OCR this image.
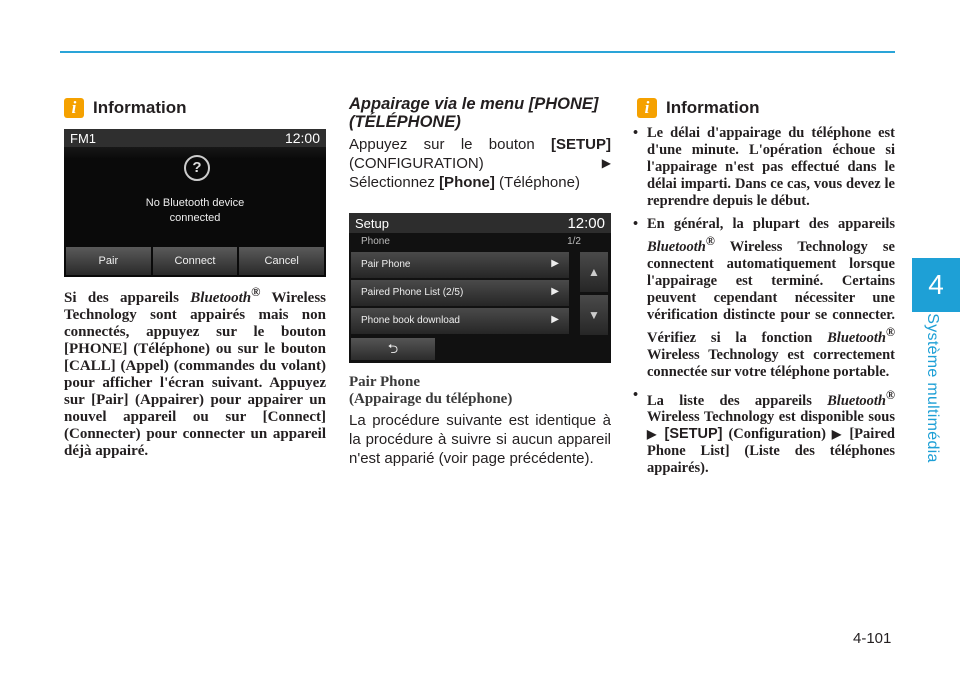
4
Système multimédia
4-101
i Information
FM1	12:00
?
No Bluetooth device
connected
Pair	Connect	Cancel
Si des appareils Bluetooth® Wireless Technology sont appairés mais non connectés, appuyez sur le bouton [PHONE] (Téléphone) ou sur le bouton [CALL] (Appel) (commandes du volant) pour afficher l'écran suivant. Appuyez sur [Pair] (Appairer) pour appairer un nouvel appareil ou sur [Connect] (Connecter) pour connecter un appareil déjà appairé.
Appairage via le menu [PHONE] (TÉLÉPHONE)
Appuyez sur le bouton [SETUP]
(CONFIGURATION)	▶
Sélectionnez [Phone] (Téléphone)
Setup	12:00
Phone	1/2
Pair Phone	▶
Paired Phone List (2/5)	▶
Phone book download	▶
▲
▼
⮌
Pair Phone
(Appairage du téléphone)
La procédure suivante est identique à la procédure à suivre si aucun appareil n'est apparié (voir page précédente).
i Information
• Le délai d'appairage du téléphone est d'une minute. L'opération échoue si l'appairage n'est pas effectué dans le délai imparti. Dans ce cas, vous devez le reprendre depuis le début.
• En général, la plupart des appareils Bluetooth® Wireless Technology se connectent automatiquement lorsque l'appairage est terminé. Certains peuvent cependant nécessiter une vérification distincte pour se connecter. Vérifiez si la fonction Bluetooth® Wireless Technology est correctement connectée sur votre téléphone portable.
• La liste des appareils Bluetooth® Wireless Technology est disponible sous ▶ [SETUP] (Configuration) ▶ [Paired Phone List] (Liste des téléphones appairés).
